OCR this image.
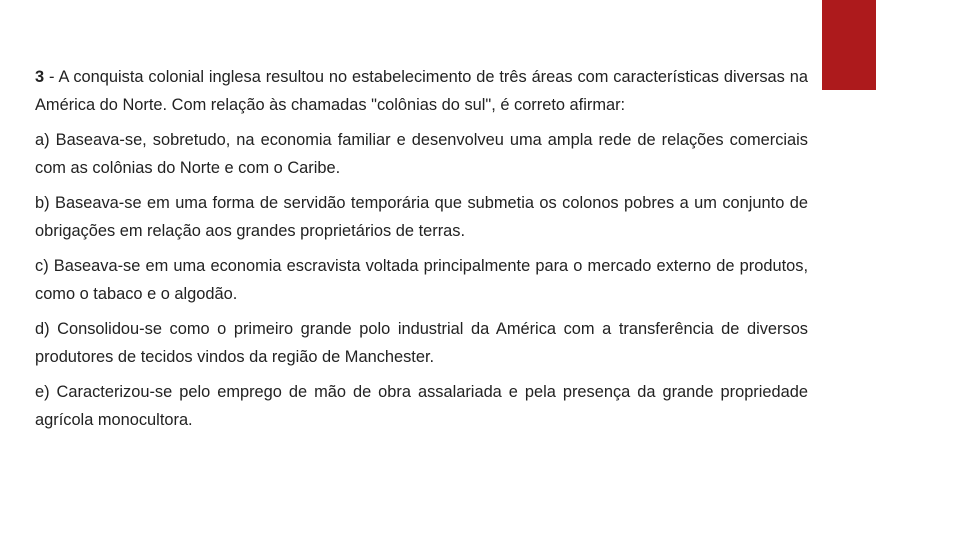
3 - A conquista colonial inglesa resultou no estabelecimento de três áreas com características diversas na América do Norte. Com relação às chamadas "colônias do sul", é correto afirmar:

a) Baseava-se, sobretudo, na economia familiar e desenvolveu uma ampla rede de relações comerciais com as colônias do Norte e com o Caribe.

b) Baseava-se em uma forma de servidão temporária que submetia os colonos pobres a um conjunto de obrigações em relação aos grandes proprietários de terras.

c) Baseava-se em uma economia escravista voltada principalmente para o mercado externo de produtos, como o tabaco e o algodão.

d) Consolidou-se como o primeiro grande polo industrial da América com a transferência de diversos produtores de tecidos vindos da região de Manchester.

e) Caracterizou-se pelo emprego de mão de obra assalariada e pela presença da grande propriedade agrícola monocultora.
